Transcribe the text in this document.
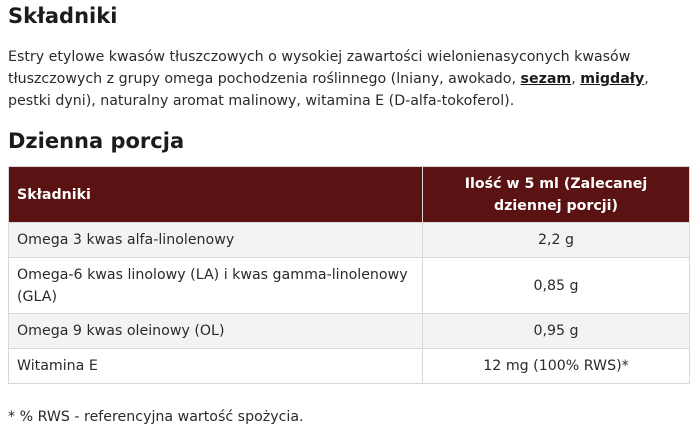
Składniki

Estry etylowe kwasów tłuszczowych o wysokiej zawartości wielonienasyconych kwasów tłuszczowych z grupy omega pochodzenia roślinnego (lniany, awokado, sezam, migdały, pestki dyni), naturalny aromat malinowy, witamina E (D-alfa-tokoferol).

Dzienna porcja
Składniki	Ilość w 5 ml (Zalecanej dziennej porcji)
Omega 3 kwas alfa-linolenowy	2,2 g
Omega-6 kwas linolowy (LA) i kwas gamma-linolenowy (GLA)	0,85 g
Omega 9 kwas oleinowy (OL)	0,95 g
Witamina E	12 mg (100% RWS)*

* % RWS - referencyjna wartość spożycia.
